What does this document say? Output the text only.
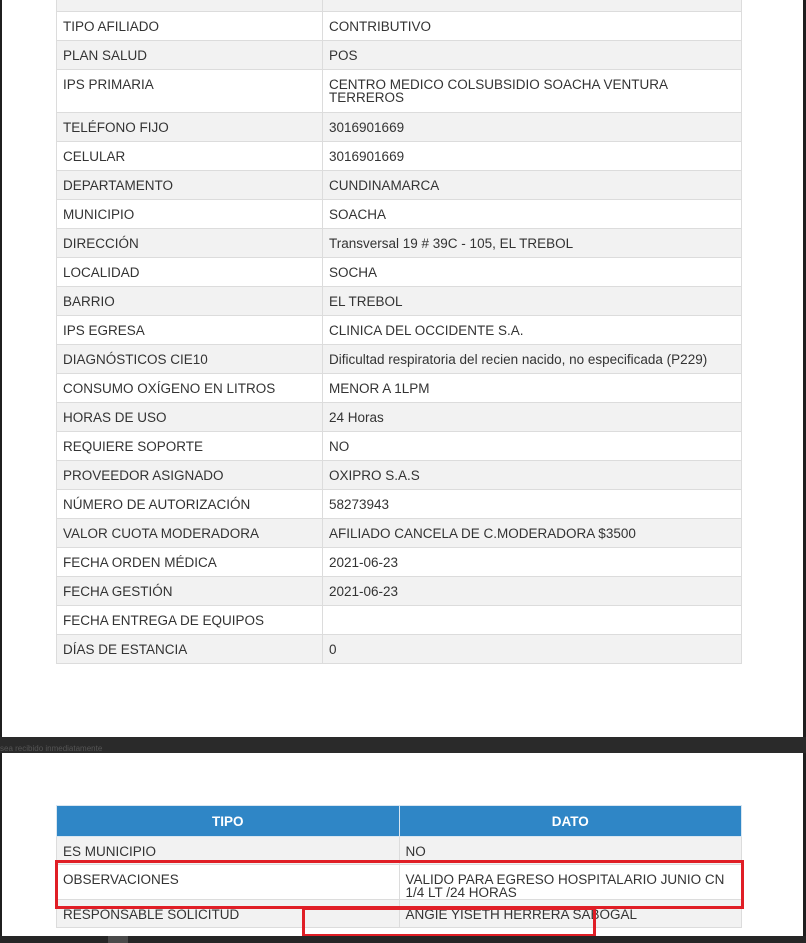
TIPO AFILIADO	CONTRIBUTIVO
PLAN SALUD	POS
IPS PRIMARIA	CENTRO MEDICO COLSUBSIDIO SOACHA VENTURA TERREROS
TELÉFONO FIJO	3016901669
CELULAR	3016901669
DEPARTAMENTO	CUNDINAMARCA
MUNICIPIO	SOACHA
DIRECCIÓN	Transversal 19 # 39C - 105, EL TREBOL
LOCALIDAD	SOCHA
BARRIO	EL TREBOL
IPS EGRESA	CLINICA DEL OCCIDENTE S.A.
DIAGNÓSTICOS CIE10	Dificultad respiratoria del recien nacido, no especificada (P229)
CONSUMO OXÍGENO EN LITROS	MENOR A 1LPM
HORAS DE USO	24 Horas
REQUIERE SOPORTE	NO
PROVEEDOR ASIGNADO	OXIPRO S.A.S
NÚMERO DE AUTORIZACIÓN	58273943
VALOR CUOTA MODERADORA	AFILIADO CANCELA DE C.MODERADORA $3500
FECHA ORDEN MÉDICA	2021-06-23
FECHA GESTIÓN	2021-06-23
FECHA ENTREGA DE EQUIPOS	
DÍAS DE ESTANCIA	0
sea recibido inmediatamente
TIPO	DATO
ES MUNICIPIO	NO
OBSERVACIONES	VALIDO PARA EGRESO HOSPITALARIO JUNIO CN 1/4 LT /24 HORAS
RESPONSABLE SOLICITUD	ANGIE YISETH HERRERA SABOGAL
